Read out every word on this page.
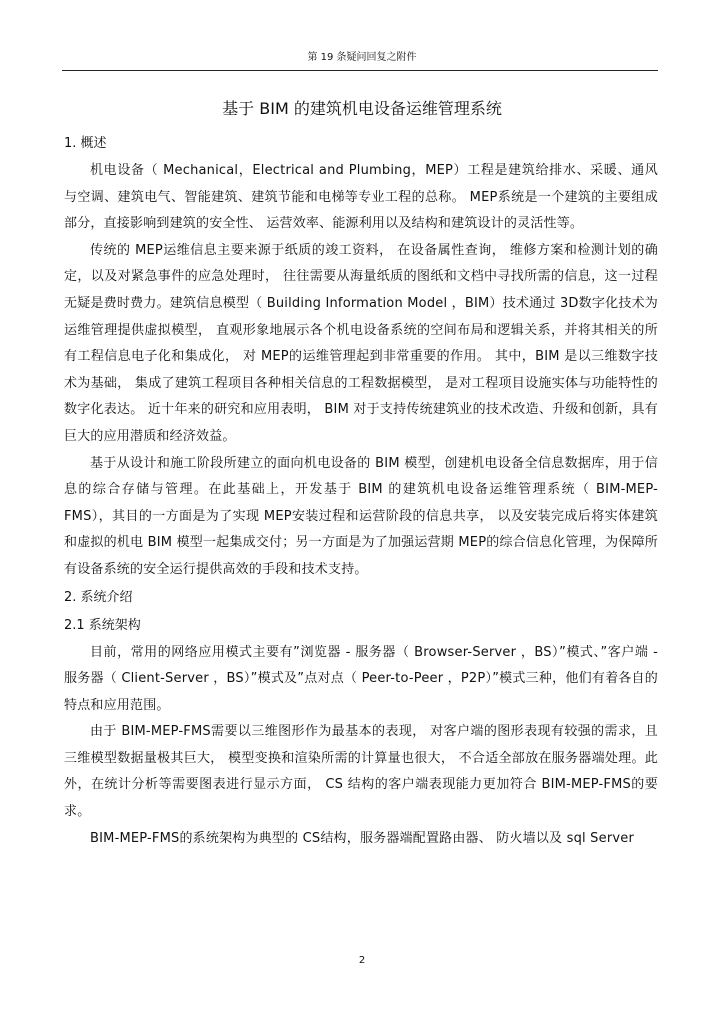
第 19 条疑问回复之附件
基于 BIM 的建筑机电设备运维管理系统
1. 概述

机电设备（ Mechanical，Electrical and Plumbing，MEP）工程是建筑给排水、采暖、通风与空调、建筑电气、智能建筑、建筑节能和电梯等专业工程的总称。 MEP系统是一个建筑的主要组成部分，直接影响到建筑的安全性、 运营效率、能源利用以及结构和建筑设计的灵活性等。

传统的 MEP运维信息主要来源于纸质的竣工资料， 在设备属性查询， 维修方案和检测计划的确定，以及对紧急事件的应急处理时， 往往需要从海量纸质的图纸和文档中寻找所需的信息，这一过程无疑是费时费力。建筑信息模型（ Building Information Model ，BIM）技术通过 3D数字化技术为运维管理提供虚拟模型， 直观形象地展示各个机电设备系统的空间布局和逻辑关系，并将其相关的所有工程信息电子化和集成化， 对 MEP的运维管理起到非常重要的作用。 其中，BIM 是以三维数字技术为基础， 集成了建筑工程项目各种相关信息的工程数据模型， 是对工程项目设施实体与功能特性的数字化表达。 近十年来的研究和应用表明， BIM 对于支持传统建筑业的技术改造、升级和创新，具有巨大的应用潜质和经济效益。

基于从设计和施工阶段所建立的面向机电设备的 BIM 模型，创建机电设备全信息数据库，用于信息的综合存储与管理。在此基础上，开发基于 BIM 的建筑机电设备运维管理系统（ BIM-MEP-FMS），其目的一方面是为了实现 MEP安装过程和运营阶段的信息共享， 以及安装完成后将实体建筑和虚拟的机电 BIM 模型一起集成交付；另一方面是为了加强运营期 MEP的综合信息化管理，为保障所有设备系统的安全运行提供高效的手段和技术支持。

2. 系统介绍
2.1 系统架构

目前，常用的网络应用模式主要有”浏览器 - 服务器（ Browser-Server ，BS）”模式、”客户端 - 服务器（ Client-Server ，BS）”模式及”点对点（ Peer-to-Peer ，P2P）”模式三种，他们有着各自的特点和应用范围。

由于 BIM-MEP-FMS需要以三维图形作为最基本的表现， 对客户端的图形表现有较强的需求，且三维模型数据量极其巨大， 模型变换和渲染所需的计算量也很大， 不合适全部放在服务器端处理。此外，在统计分析等需要图表进行显示方面， CS 结构的客户端表现能力更加符合 BIM-MEP-FMS的要求。

BIM-MEP-FMS的系统架构为典型的 CS结构，服务器端配置路由器、 防火墙以及 sql Server

2
